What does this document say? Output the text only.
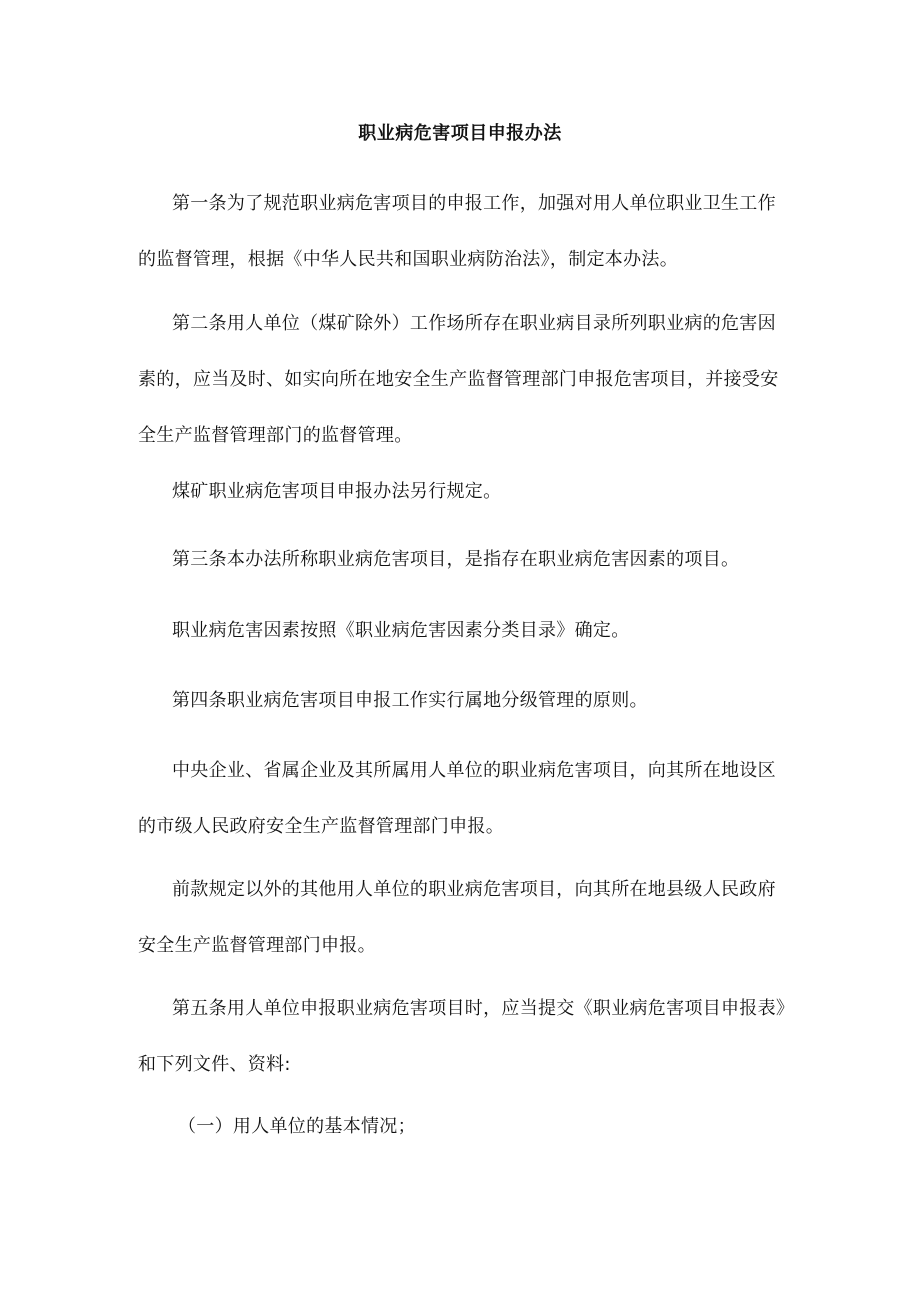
职业病危害项目申报办法

第一条为了规范职业病危害项目的申报工作，加强对用人单位职业卫生工作的监督管理，根据《中华人民共和国职业病防治法》，制定本办法。

第二条用人单位（煤矿除外）工作场所存在职业病目录所列职业病的危害因素的，应当及时、如实向所在地安全生产监督管理部门申报危害项目，并接受安全生产监督管理部门的监督管理。

煤矿职业病危害项目申报办法另行规定。

第三条本办法所称职业病危害项目，是指存在职业病危害因素的项目。

职业病危害因素按照《职业病危害因素分类目录》确定。

第四条职业病危害项目申报工作实行属地分级管理的原则。

中央企业、省属企业及其所属用人单位的职业病危害项目，向其所在地设区的市级人民政府安全生产监督管理部门申报。

前款规定以外的其他用人单位的职业病危害项目，向其所在地县级人民政府安全生产监督管理部门申报。

第五条用人单位申报职业病危害项目时，应当提交《职业病危害项目申报表》和下列文件、资料:

（一）用人单位的基本情况；
